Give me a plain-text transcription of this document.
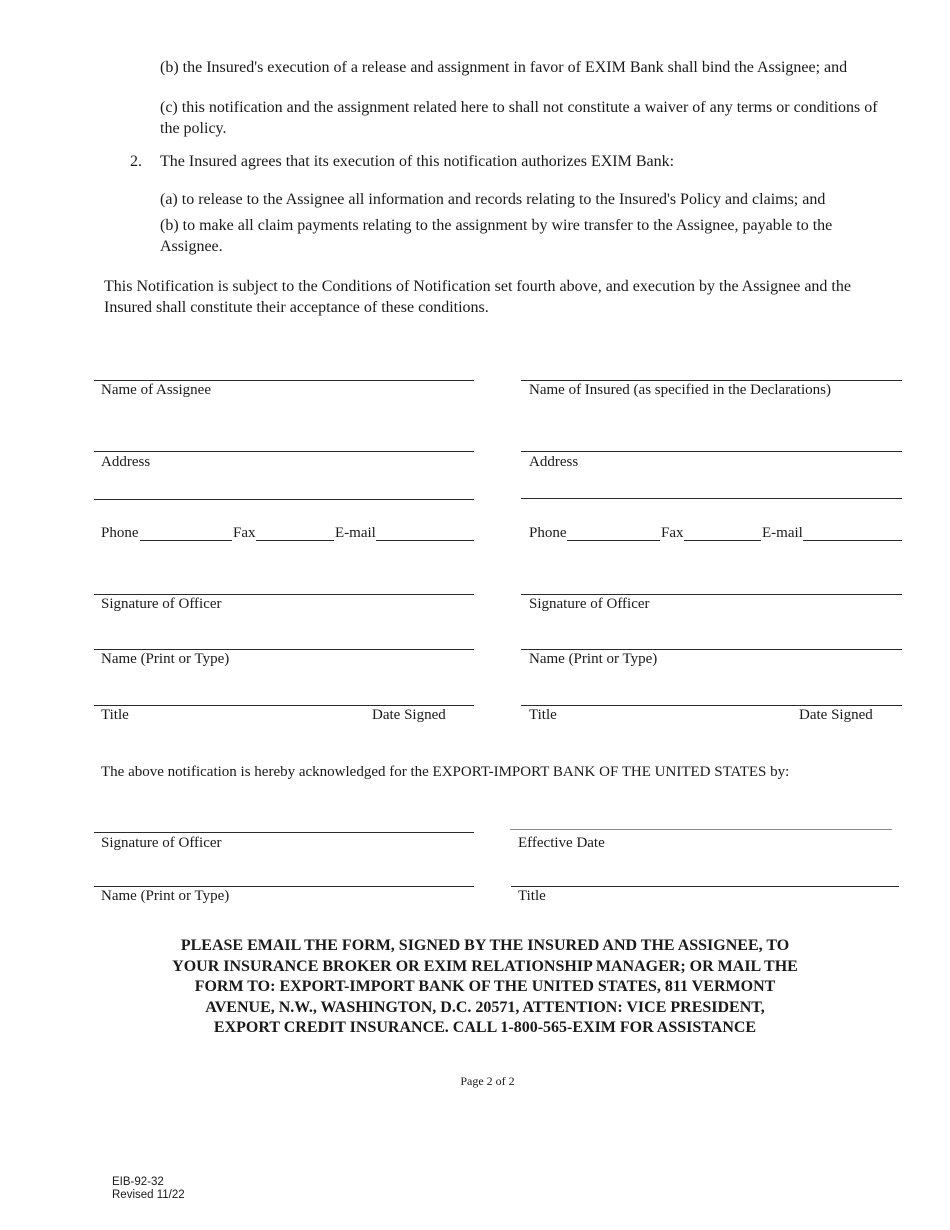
(b) the Insured's execution of a release and assignment in favor of EXIM Bank shall bind the Assignee; and
(c) this notification and the assignment related here to shall not constitute a waiver of any terms or conditions of the policy.
2. The Insured agrees that its execution of this notification authorizes EXIM Bank:
(a) to release to the Assignee all information and records relating to the Insured's Policy and claims; and
(b) to make all claim payments relating to the assignment by wire transfer to the Assignee, payable to the Assignee.
This Notification is subject to the Conditions of Notification set fourth above, and execution by the Assignee and the Insured shall constitute their acceptance of these conditions.
Name of Assignee
Address
Phone	Fax	E-mail
Signature of Officer
Name (Print or Type)
Title	Date Signed
Name of Insured (as specified in the Declarations)
Address
Phone	Fax	E-mail
Signature of Officer
Name (Print or Type)
Title	Date Signed
The above notification is hereby acknowledged for the EXPORT-IMPORT BANK OF THE UNITED STATES by:
Signature of Officer	Effective Date
Name (Print or Type)	Title
PLEASE EMAIL THE FORM, SIGNED BY THE INSURED AND THE ASSIGNEE, TO
YOUR INSURANCE BROKER OR EXIM RELATIONSHIP MANAGER; OR MAIL THE
FORM TO: EXPORT-IMPORT BANK OF THE UNITED STATES, 811 VERMONT
AVENUE, N.W., WASHINGTON, D.C. 20571, ATTENTION: VICE PRESIDENT,
EXPORT CREDIT INSURANCE. CALL 1-800-565-EXIM FOR ASSISTANCE
Page 2 of 2
EIB-92-32
Revised 11/22
